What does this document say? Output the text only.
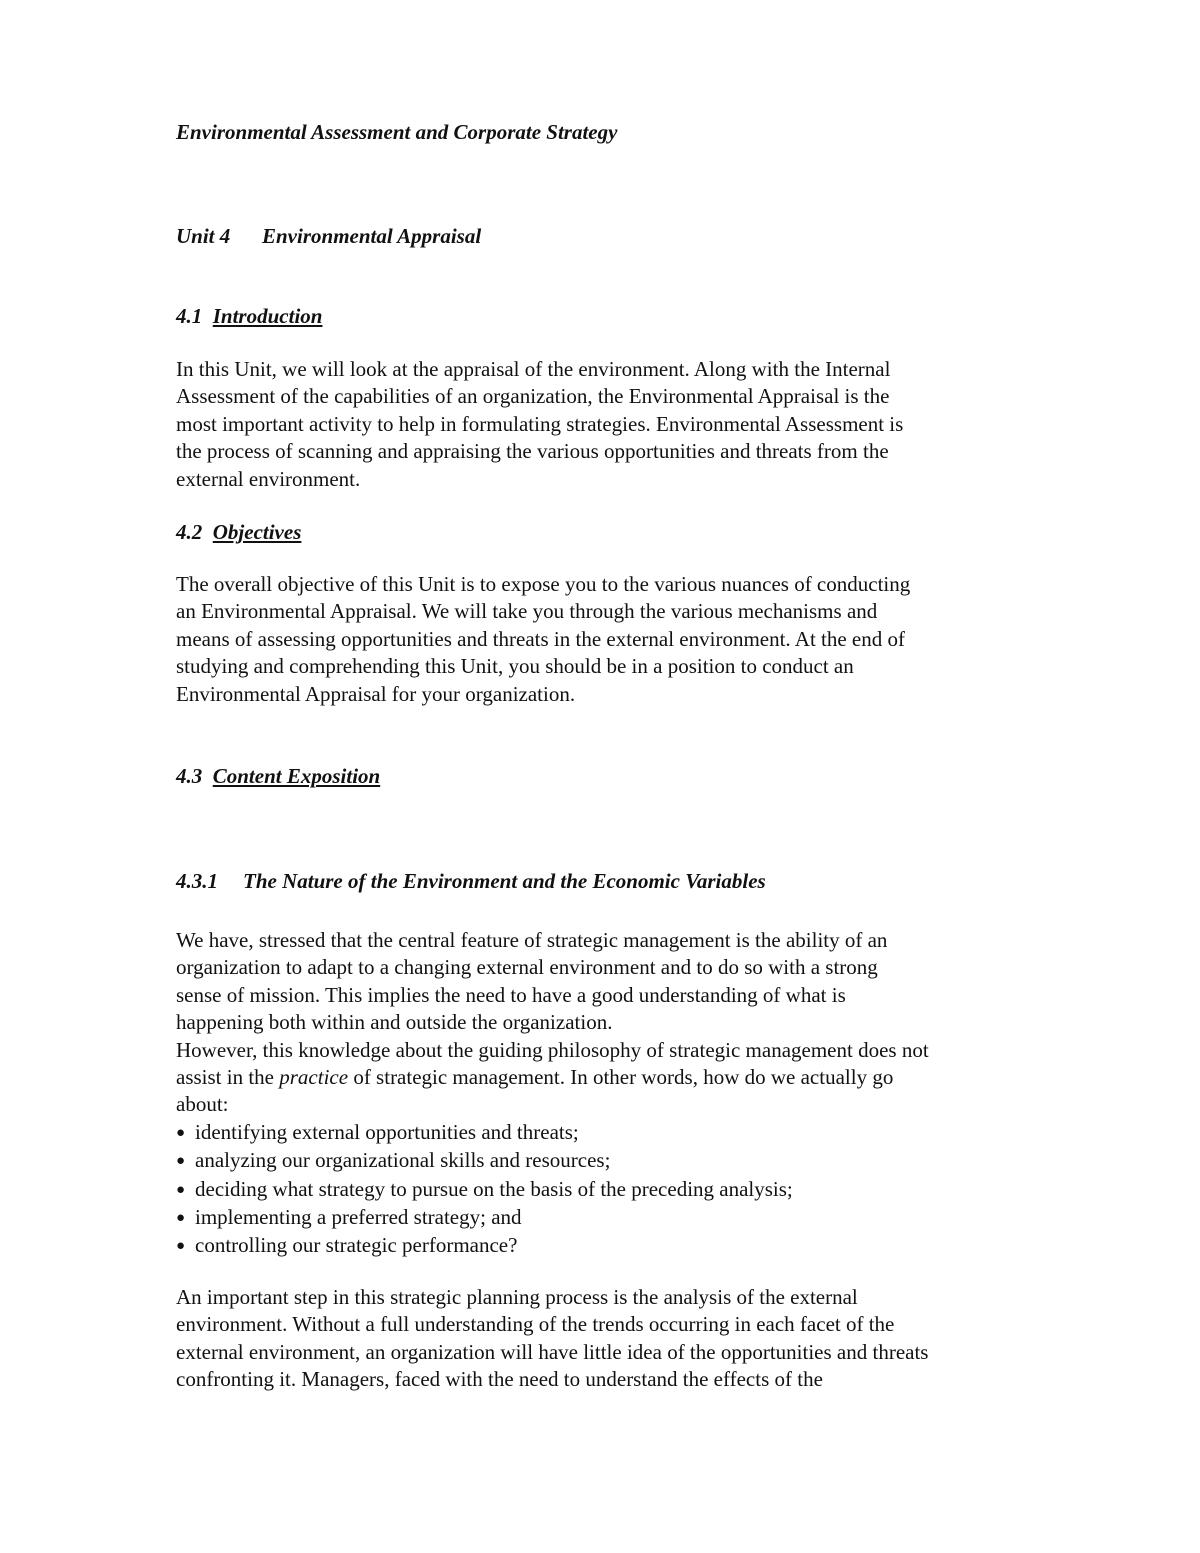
Environmental Assessment and Corporate Strategy
Unit 4 Environmental Appraisal
4.1 Introduction
In this Unit, we will look at the appraisal of the environment. Along with the Internal
Assessment of the capabilities of an organization, the Environmental Appraisal is the
most important activity to help in formulating strategies. Environmental Assessment is
the process of scanning and appraising the various opportunities and threats from the
external environment.
4.2 Objectives
The overall objective of this Unit is to expose you to the various nuances of conducting
an Environmental Appraisal. We will take you through the various mechanisms and
means of assessing opportunities and threats in the external environment. At the end of
studying and comprehending this Unit, you should be in a position to conduct an
Environmental Appraisal for your organization.
4.3 Content Exposition
4.3.1 The Nature of the Environment and the Economic Variables
We have, stressed that the central feature of strategic management is the ability of an
organization to adapt to a changing external environment and to do so with a strong
sense of mission. This implies the need to have a good understanding of what is
happening both within and outside the organization.
However, this knowledge about the guiding philosophy of strategic management does not
assist in the practice of strategic management. In other words, how do we actually go
about:
● identifying external opportunities and threats;
● analyzing our organizational skills and resources;
● deciding what strategy to pursue on the basis of the preceding analysis;
● implementing a preferred strategy; and
● controlling our strategic performance?
An important step in this strategic planning process is the analysis of the external
environment. Without a full understanding of the trends occurring in each facet of the
external environment, an organization will have little idea of the opportunities and threats
confronting it. Managers, faced with the need to understand the effects of the
